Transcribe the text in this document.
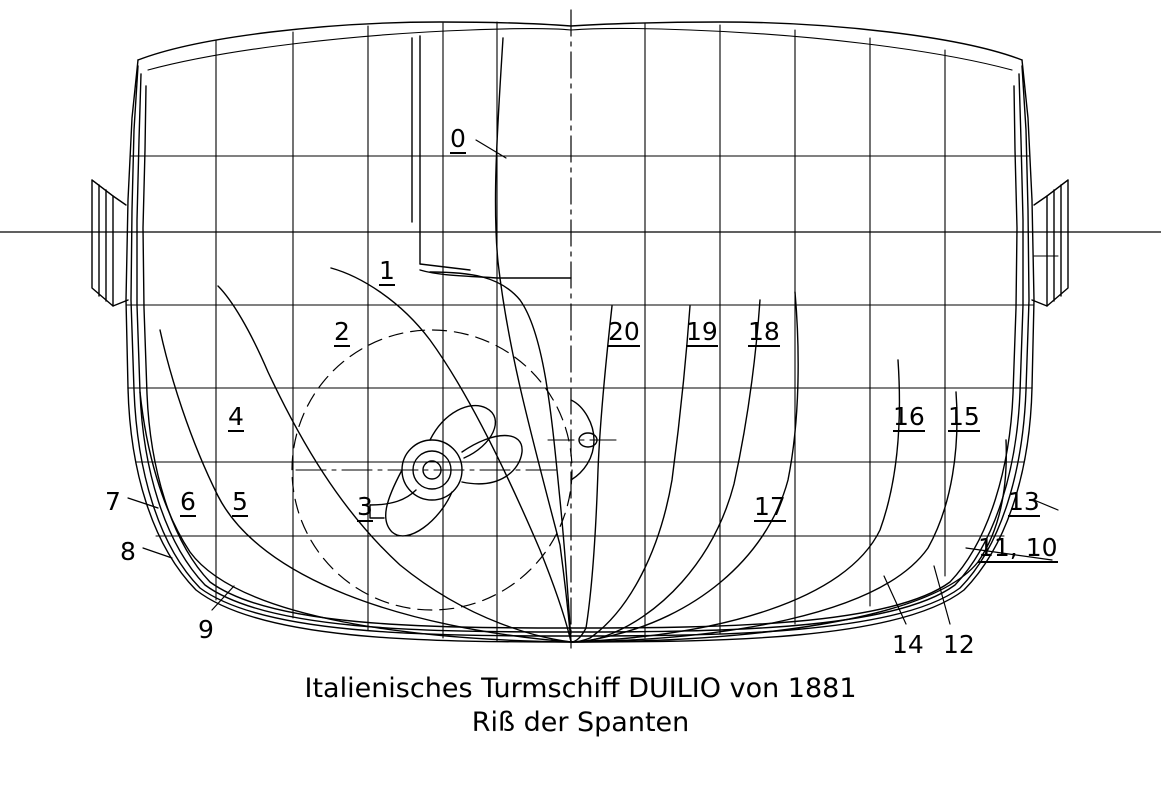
0
1
2	20 19 18
4	16 15
7 6 5	3	17	13
8	11, 10
9
14 12
Italienisches Turmschiff DUILIO von 1881
Riß der Spanten
